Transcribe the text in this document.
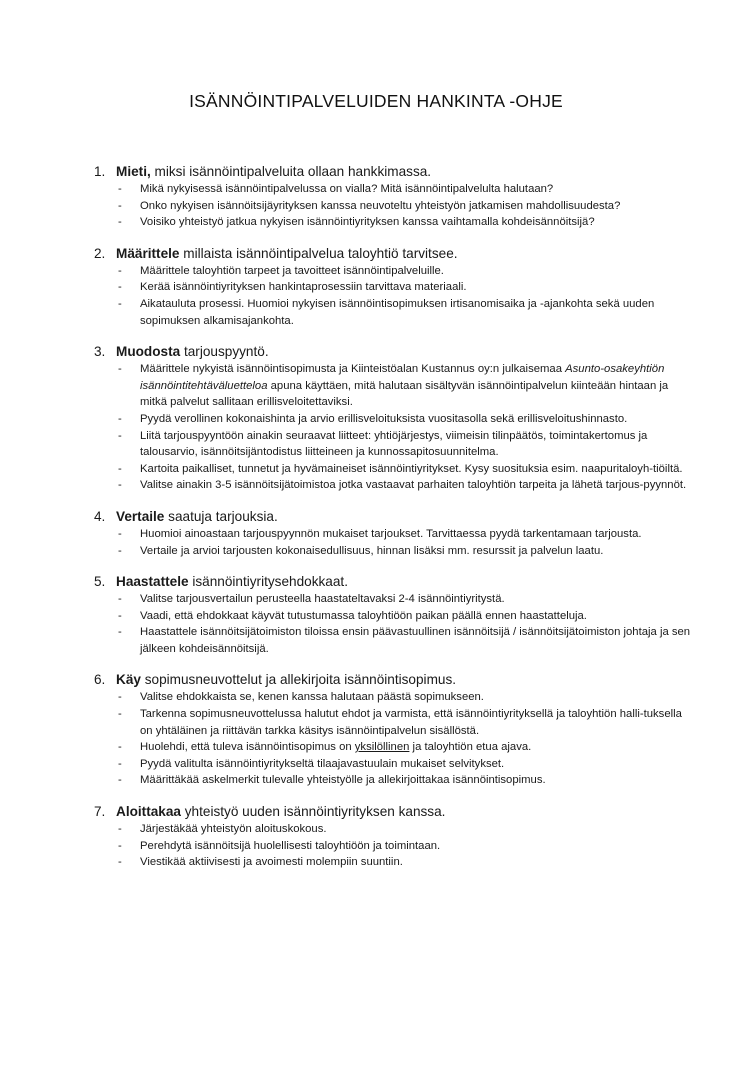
ISÄNNÖINTIPALVELUIDEN HANKINTA -OHJE
1. Mieti, miksi isännöintipalveluita ollaan hankkimassa.
-	Mikä nykyisessä isännöintipalvelussa on vialla? Mitä isännöintipalvelulta halutaan?
-	Onko nykyisen isännöitsijäyrityksen kanssa neuvoteltu yhteistyön jatkamisen mahdollisuudesta?
-	Voisiko yhteistyö jatkua nykyisen isännöintiyrityksen kanssa vaihtamalla kohdeisännöitsijä?
2. Määrittele millaista isännöintipalvelua taloyhtiö tarvitsee.
-	Määrittele taloyhtiön tarpeet ja tavoitteet isännöintipalveluille.
-	Kerää isännöintiyrityksen hankintaprosessiin tarvittava materiaali.
-	Aikatauluta prosessi. Huomioi nykyisen isännöintisopimuksen irtisanomisaika ja -ajankohta sekä uuden sopimuksen alkamisajankohta.
3. Muodosta tarjouspyyntö.
-	Määrittele nykyistä isännöintisopimusta ja Kiinteistöalan Kustannus oy:n julkaisemaa Asunto-osakeyhtiön isännöintitehtäväluetteloa apuna käyttäen, mitä halutaan sisältyvän isännöintipalvelun kiinteään hintaan ja mitkä palvelut sallitaan erillisveloitettaviksi.
-	Pyydä verollinen kokonaishinta ja arvio erillisveloituksista vuositasolla sekä erillisveloitushinnasto.
-	Liitä tarjouspyyntöön ainakin seuraavat liitteet: yhtiöjärjestys, viimeisin tilinpäätös, toimintakertomus ja talousarvio, isännöitsijäntodistus liitteineen ja kunnossapitosuunnitelma.
-	Kartoita paikalliset, tunnetut ja hyvämaineiset isännöintiyritykset. Kysy suosituksia esim. naapuritaloyh-tiöiltä.
-	Valitse ainakin 3-5 isännöitsijätoimistoa jotka vastaavat parhaiten taloyhtiön tarpeita ja lähetä tarjous-pyynnöt.
4. Vertaile saatuja tarjouksia.
-	Huomioi ainoastaan tarjouspyynnön mukaiset tarjoukset. Tarvittaessa pyydä tarkentamaan tarjousta.
-	Vertaile ja arvioi tarjousten kokonaisedullisuus, hinnan lisäksi mm. resurssit ja palvelun laatu.
5. Haastattele isännöintiyritysehdokkaat.
-	Valitse tarjousvertailun perusteella haastateltavaksi 2-4 isännöintiyritystä.
-	Vaadi, että ehdokkaat käyvät tutustumassa taloyhtiöön paikan päällä ennen haastatteluja.
-	Haastattele isännöitsijätoimiston tiloissa ensin päävastuullinen isännöitsijä / isännöitsijätoimiston johtaja ja sen jälkeen kohdeisännöitsijä.
6. Käy sopimusneuvottelut ja allekirjoita isännöintisopimus.
-	Valitse ehdokkaista se, kenen kanssa halutaan päästä sopimukseen.
-	Tarkenna sopimusneuvottelussa halutut ehdot ja varmista, että isännöintiyrityksellä ja taloyhtiön halli-tuksella on yhtäläinen ja riittävän tarkka käsitys isännöintipalvelun sisällöstä.
-	Huolehdi, että tuleva isännöintisopimus on yksilöllinen ja taloyhtiön etua ajava.
-	Pyydä valitulta isännöintiyritykseltä tilaajavastuulain mukaiset selvitykset.
-	Määrittäkää askelmerkit tulevalle yhteistyölle ja allekirjoittakaa isännöintisopimus.
7. Aloittakaa yhteistyö uuden isännöintiyrityksen kanssa.
-	Järjestäkää yhteistyön aloituskokous.
-	Perehdytä isännöitsijä huolellisesti taloyhtiöön ja toimintaan.
-	Viestikää aktiivisesti ja avoimesti molempiin suuntiin.
